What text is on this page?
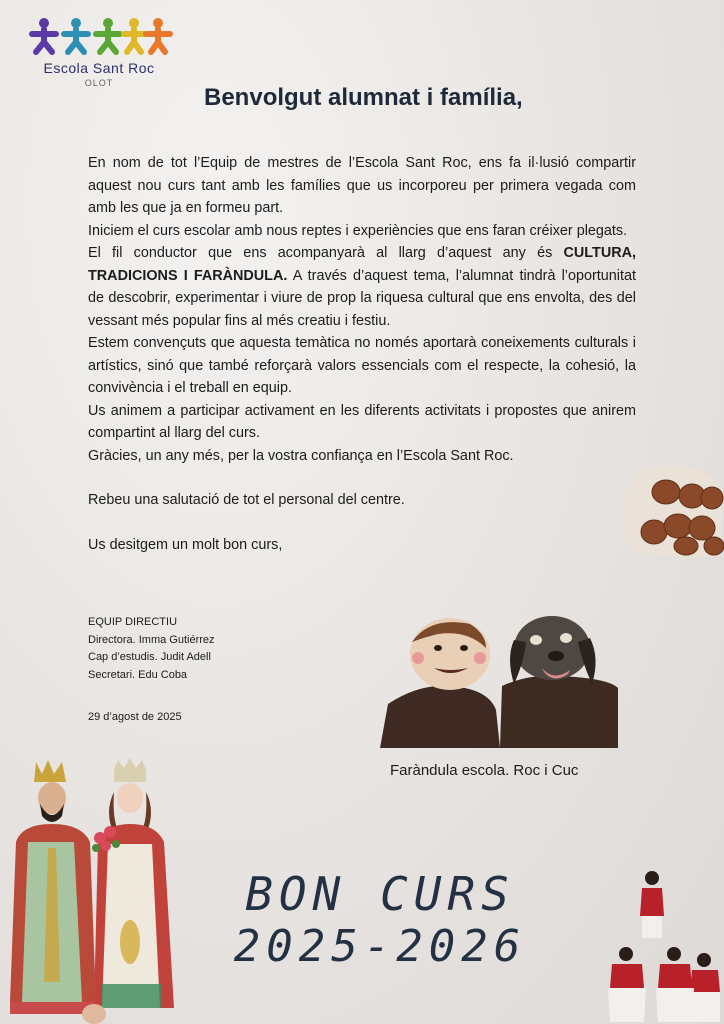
Escola Sant Roc
OLOT
Benvolgut alumnat i família,

En nom de tot l’Equip de mestres de l’Escola Sant Roc, ens fa il·lusió compartir aquest nou curs tant amb les famílies que us incorporeu per primera vegada com amb les que ja en formeu part.

Iniciem el curs escolar amb nous reptes i experiències que ens faran créixer plegats.

El fil conductor que ens acompanyarà al llarg d’aquest any és CULTURA, TRADICIONS I FARÀNDULA. A través d’aquest tema, l’alumnat tindrà l’oportunitat de descobrir, experimentar i viure de prop la riquesa cultural que ens envolta, des del vessant més popular fins al més creatiu i festiu.

Estem convençuts que aquesta temàtica no només aportarà coneixements culturals i artístics, sinó que també reforçarà valors essencials com el respecte, la cohesió, la convivència i el treball en equip.

Us animem a participar activament en les diferents activitats i propostes que anirem compartint al llarg del curs.

Gràcies, un any més, per la vostra confiança en l’Escola Sant Roc.

Rebeu una salutació de tot el personal del centre.

Us desitgem un molt bon curs,

EQUIP DIRECTIU
Directora. Imma Gutiérrez
Cap d’estudis. Judit Adell
Secretari. Edu Coba
29 d’agost de 2025
Faràndula escola. Roc i Cuc
BON CURS
2025-2026
